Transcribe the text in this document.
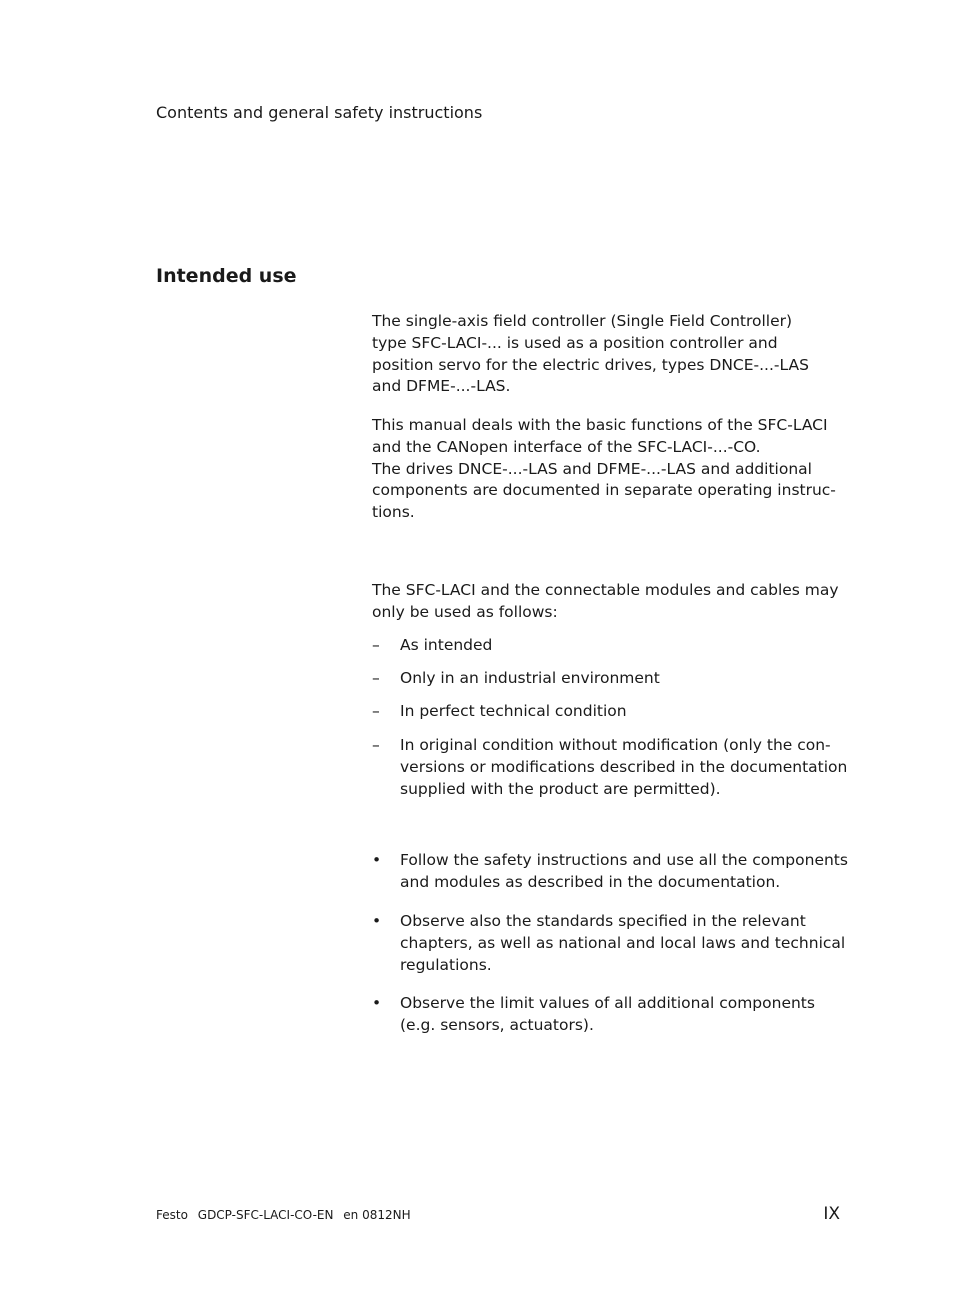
Contents and general safety instructions
Intended use

The single-axis field controller (Single Field Controller)
type SFC-LACI-... is used as a position controller and
position servo for the electric drives, types DNCE-...-LAS
and DFME-...-LAS.

This manual deals with the basic functions of the SFC-LACI
and the CANopen interface of the SFC-LACI-...-CO.
The drives DNCE-...-LAS and DFME-...-LAS and additional
components are documented in separate operating instruc-
tions.

The SFC-LACI and the connectable modules and cables may
only be used as follows:

–	As intended
–	Only in an industrial environment
–	In perfect technical condition
–	In original condition without modification (only the con-
versions or modifications described in the documentation
supplied with the product are permitted).
•	Follow the safety instructions and use all the components
and modules as described in the documentation.
•	Observe also the standards specified in the relevant
chapters, as well as national and local laws and technical
regulations.
•	Observe the limit values of all additional components
(e.g. sensors, actuators).
Festo GDCP-SFC-LACI-CO-EN en 0812NH	IX
